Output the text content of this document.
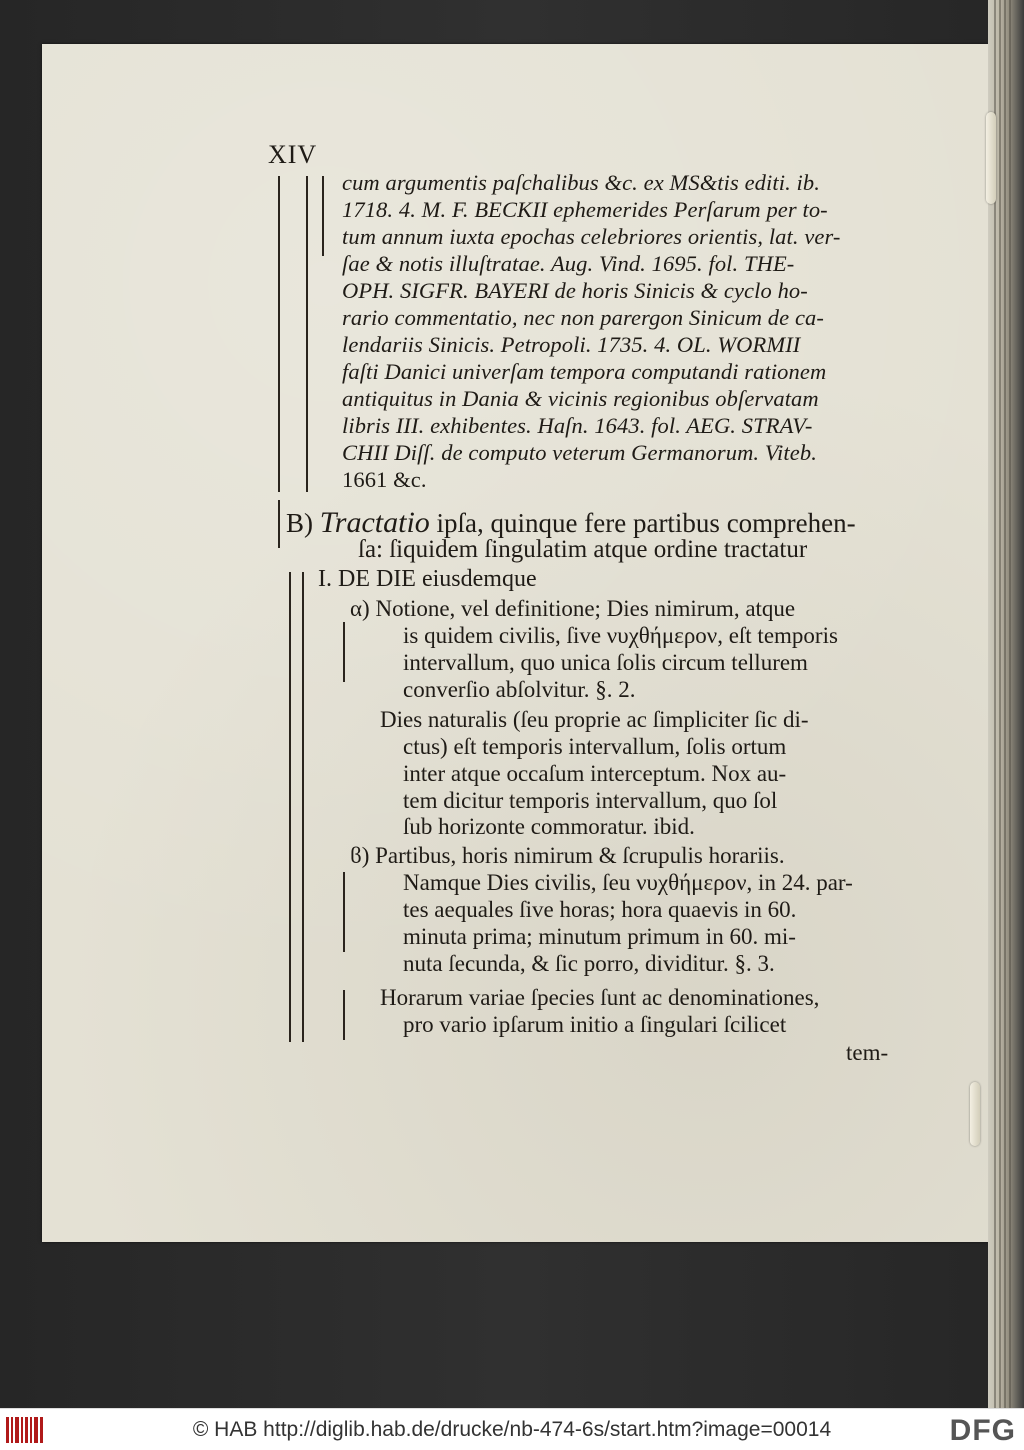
XIV
cum argumentis paſchalibus &c. ex MS&tis editi. ib.
1718. 4. M. F. BECKII ephemerides Perſarum per to-
tum annum iuxta epochas celebriores orientis, lat. ver-
ſae & notis illuſtratae. Aug. Vind. 1695. fol. THE-
OPH. SIGFR. BAYERI de horis Sinicis & cyclo ho-
rario commentatio, nec non parergon Sinicum de ca-
lendariis Sinicis. Petropoli. 1735. 4. OL. WORMII
faſti Danici univerſam tempora computandi rationem
antiquitus in Dania & vicinis regionibus obſervatam
libris III. exhibentes. Haſn. 1643. fol. AEG. STRAV-
CHII Diſſ. de computo veterum Germanorum. Viteb.
1661 &c.
B) Tractatio ipſa, quinque fere partibus comprehen-
ſa: ſiquidem ſingulatim atque ordine tractatur
I. DE DIE eiusdemque
α) Notione, vel definitione; Dies nimirum, atque
is quidem civilis, ſive νυχθήμερον, eſt temporis
intervallum, quo unica ſolis circum tellurem
converſio abſolvitur. §. 2.
Dies naturalis (ſeu proprie ac ſimpliciter ſic di-
ctus) eſt temporis intervallum, ſolis ortum
inter atque occaſum interceptum. Nox au-
tem dicitur temporis intervallum, quo ſol
ſub horizonte commoratur. ibid.
ϐ) Partibus, horis nimirum & ſcrupulis horariis.
Namque Dies civilis, ſeu νυχθήμερον, in 24. par-
tes aequales ſive horas; hora quaevis in 60.
minuta prima; minutum primum in 60. mi-
nuta ſecunda, & ſic porro, dividitur. §. 3.
Horarum variae ſpecies ſunt ac denominationes,
pro vario ipſarum initio a ſingulari ſcilicet
tem-
© HAB http://diglib.hab.de/drucke/nb-474-6s/start.htm?image=00014	DFG
